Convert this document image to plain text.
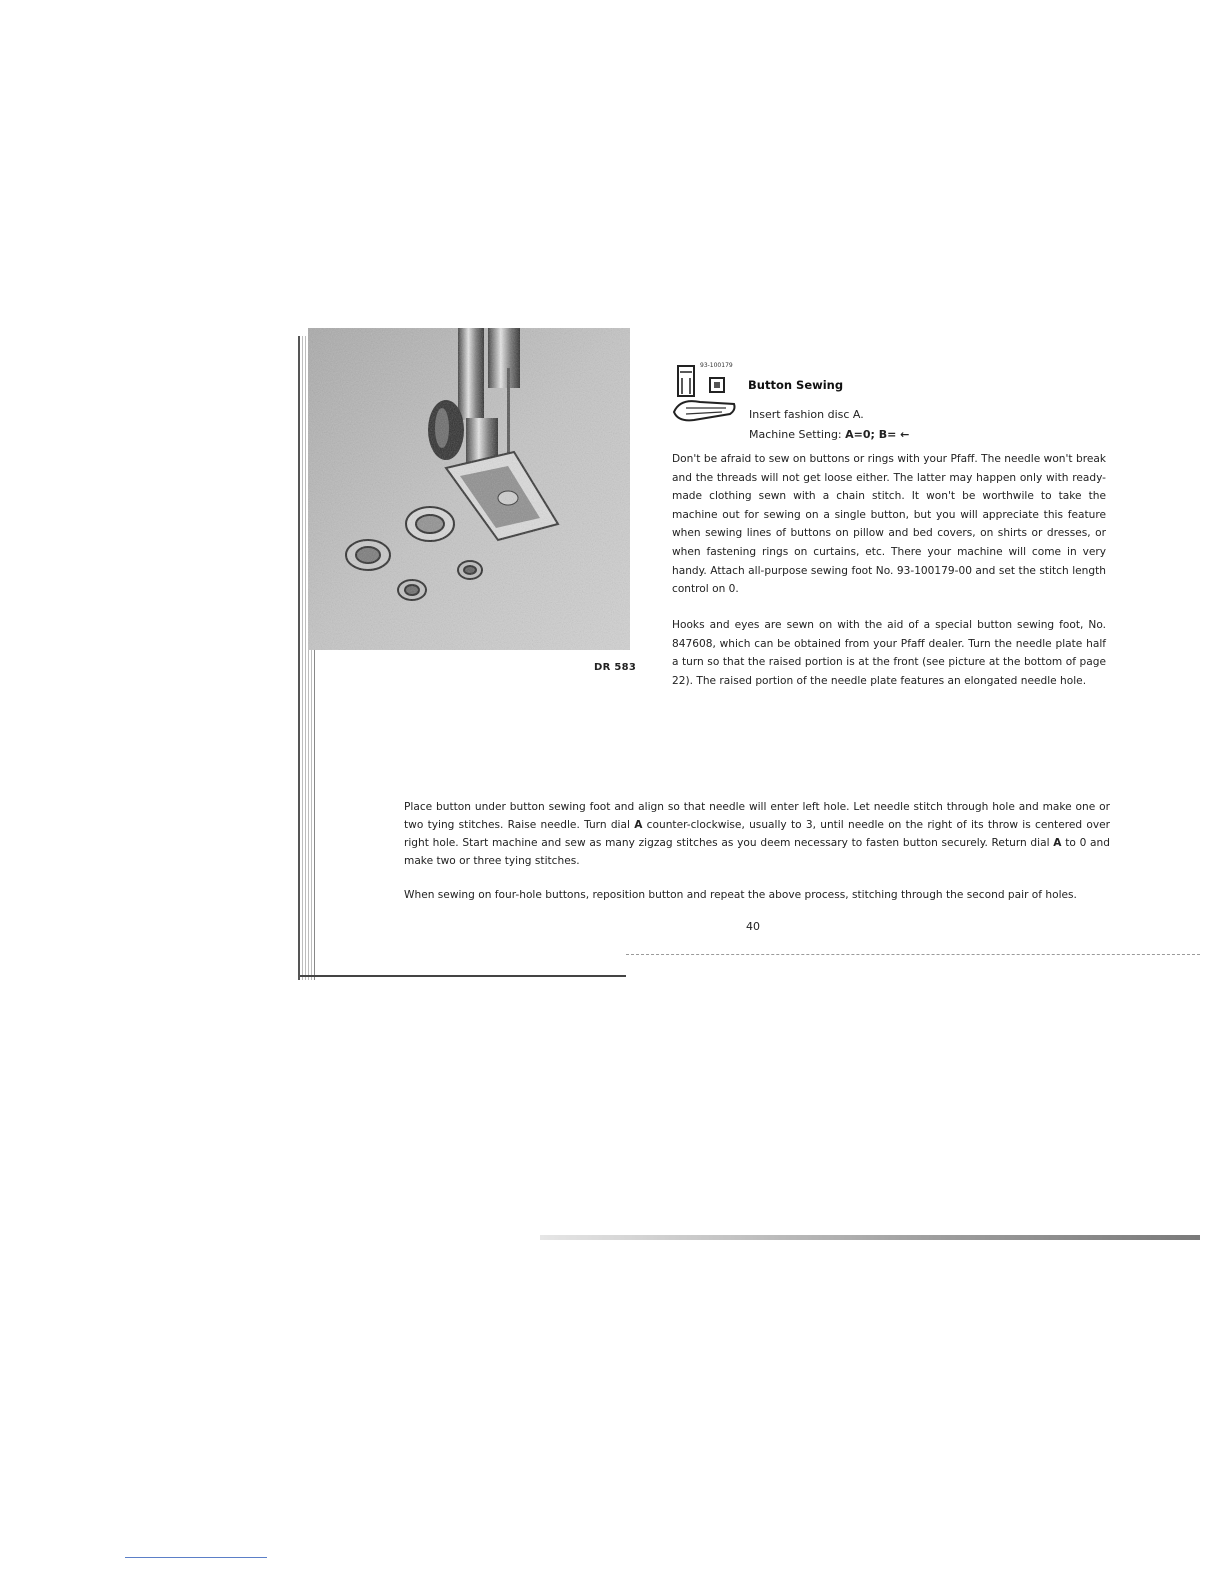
DR 583
93-100179
Button Sewing
Insert fashion disc A.
Machine Setting: A=0; B= ←

Don't be afraid to sew on buttons or rings with your Pfaff. The needle won't break and the threads will not get loose either. The latter may happen only with ready-made clothing sewn with a chain stitch. It won't be worthwile to take the machine out for sewing on a single button, but you will appreciate this feature when sewing lines of buttons on pillow and bed covers, on shirts or dresses, or when fastening rings on curtains, etc. There your machine will come in very handy. Attach all-purpose sewing foot No. 93-100179-00 and set the stitch length control on 0.

Hooks and eyes are sewn on with the aid of a special button sewing foot, No. 847608, which can be obtained from your Pfaff dealer. Turn the needle plate half a turn so that the raised portion is at the front (see picture at the bottom of page 22). The raised portion of the needle plate features an elongated needle hole.

Place button under button sewing foot and align so that needle will enter left hole. Let needle stitch through hole and make one or two tying stitches. Raise needle. Turn dial A counter-clockwise, usually to 3, until needle on the right of its throw is centered over right hole. Start machine and sew as many zigzag stitches as you deem necessary to fasten button securely. Return dial A to 0 and make two or three tying stitches.

When sewing on four-hole buttons, reposition button and repeat the above process, stitching through the second pair of holes.

40
